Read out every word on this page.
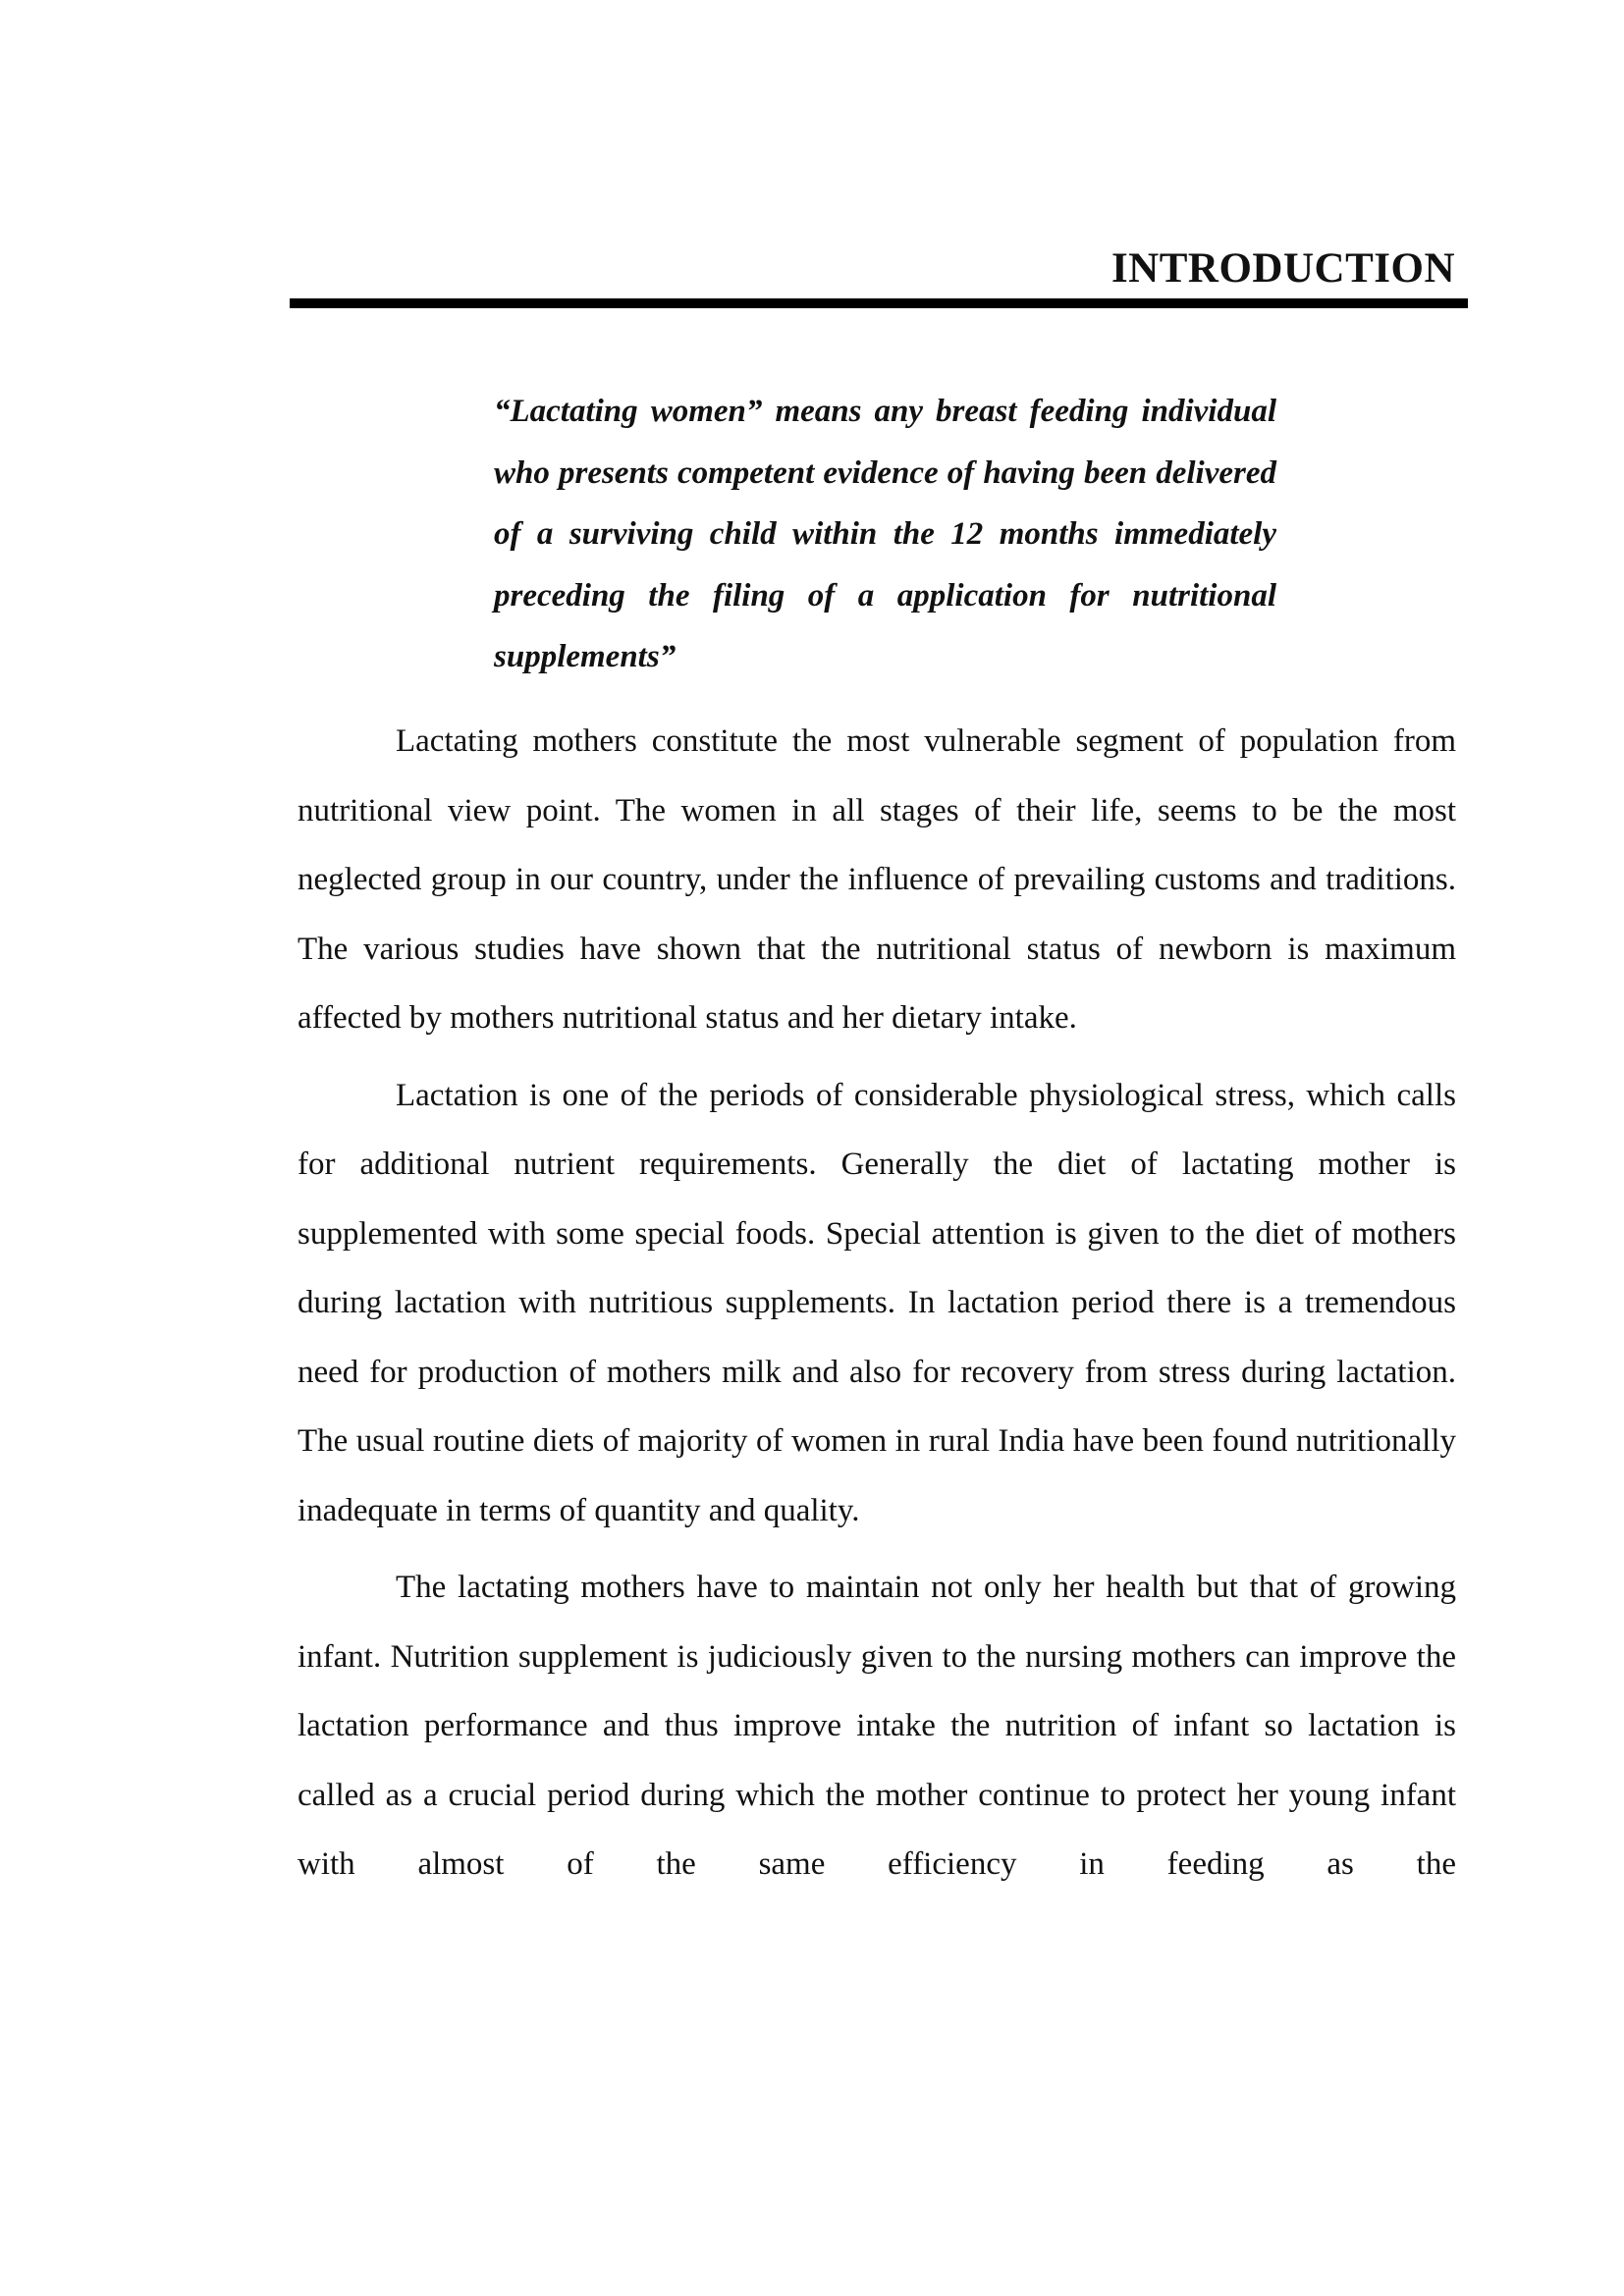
INTRODUCTION

“Lactating women” means any breast feeding individual who presents competent evidence of having been delivered of a surviving child within the 12 months immediately preceding the filing of a application for nutritional supplements”

Lactating mothers constitute the most vulnerable segment of population from nutritional view point. The women in all stages of their life, seems to be the most neglected group in our country, under the influence of prevailing customs and traditions. The various studies have shown that the nutritional status of newborn is maximum affected by mothers nutritional status and her dietary intake.

Lactation is one of the periods of considerable physiological stress, which calls for additional nutrient requirements. Generally the diet of lactating mother is supplemented with some special foods. Special attention is given to the diet of mothers during lactation with nutritious supplements. In lactation period there is a tremendous need for production of mothers milk and also for recovery from stress during lactation. The usual routine diets of majority of women in rural India have been found nutritionally inadequate in terms of quantity and quality.

The lactating mothers have to maintain not only her health but that of growing infant. Nutrition supplement is judiciously given to the nursing mothers can improve the lactation performance and thus improve intake the nutrition of infant so lactation is called as a crucial period during which the mother continue to protect her young infant with almost of the same efficiency in feeding as the
